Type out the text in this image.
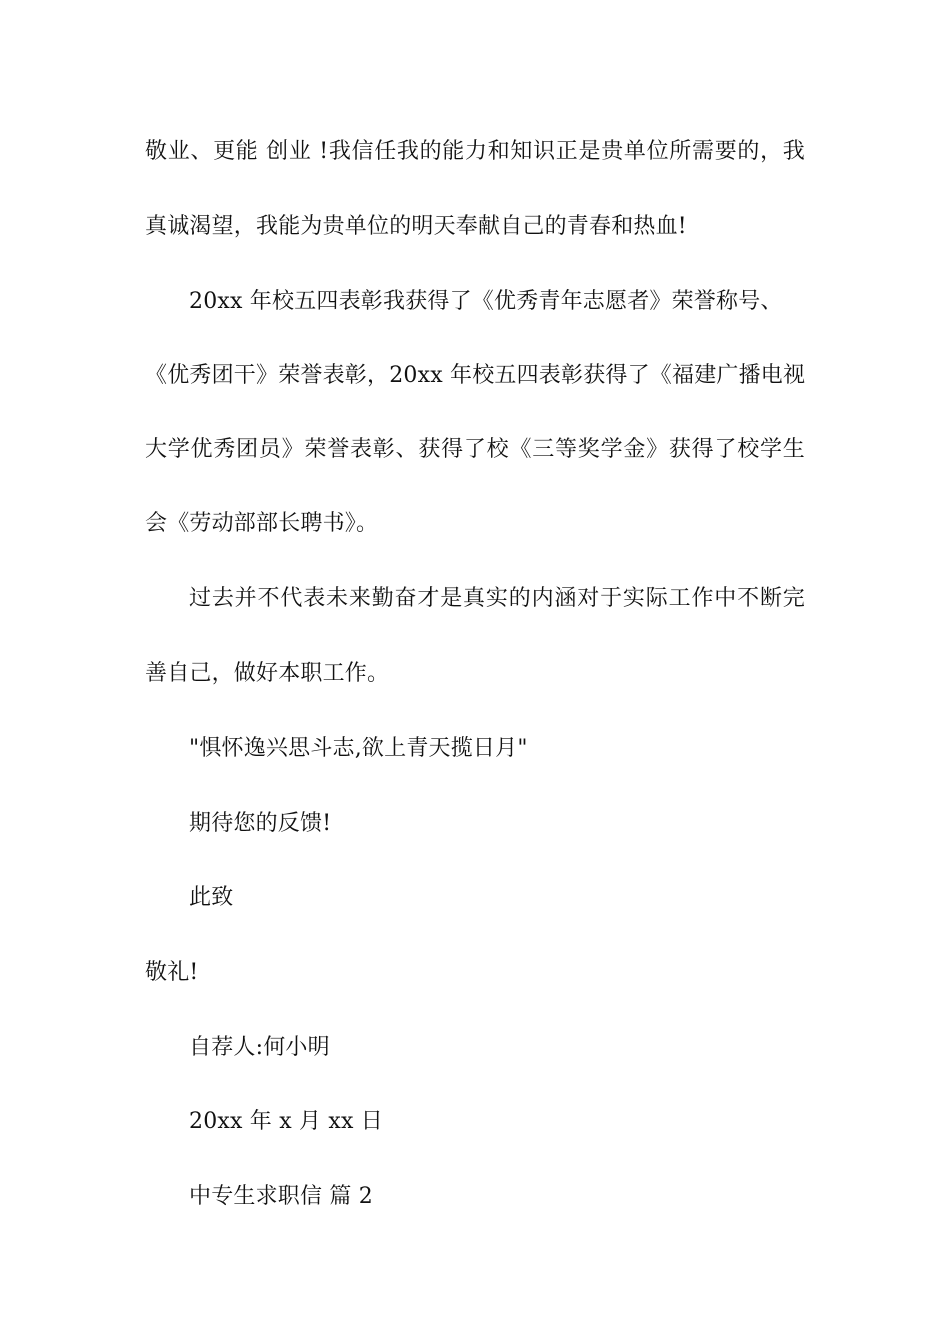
敬业、更能 创业 !我信任我的能力和知识正是贵单位所需要的，我
真诚渴望，我能为贵单位的明天奉献自己的青春和热血!
20xx 年校五四表彰我获得了《优秀青年志愿者》荣誉称号、
《优秀团干》荣誉表彰，20xx 年校五四表彰获得了《福建广播电视
大学优秀团员》荣誉表彰、获得了校《三等奖学金》获得了校学生
会《劳动部部长聘书》。
过去并不代表未来勤奋才是真实的内涵对于实际工作中不断完
善自己，做好本职工作。
"惧怀逸兴思斗志,欲上青天揽日月"
期待您的反馈!
此致
敬礼!
自荐人:何小明
20xx 年 x 月 xx 日
中专生求职信 篇 2
